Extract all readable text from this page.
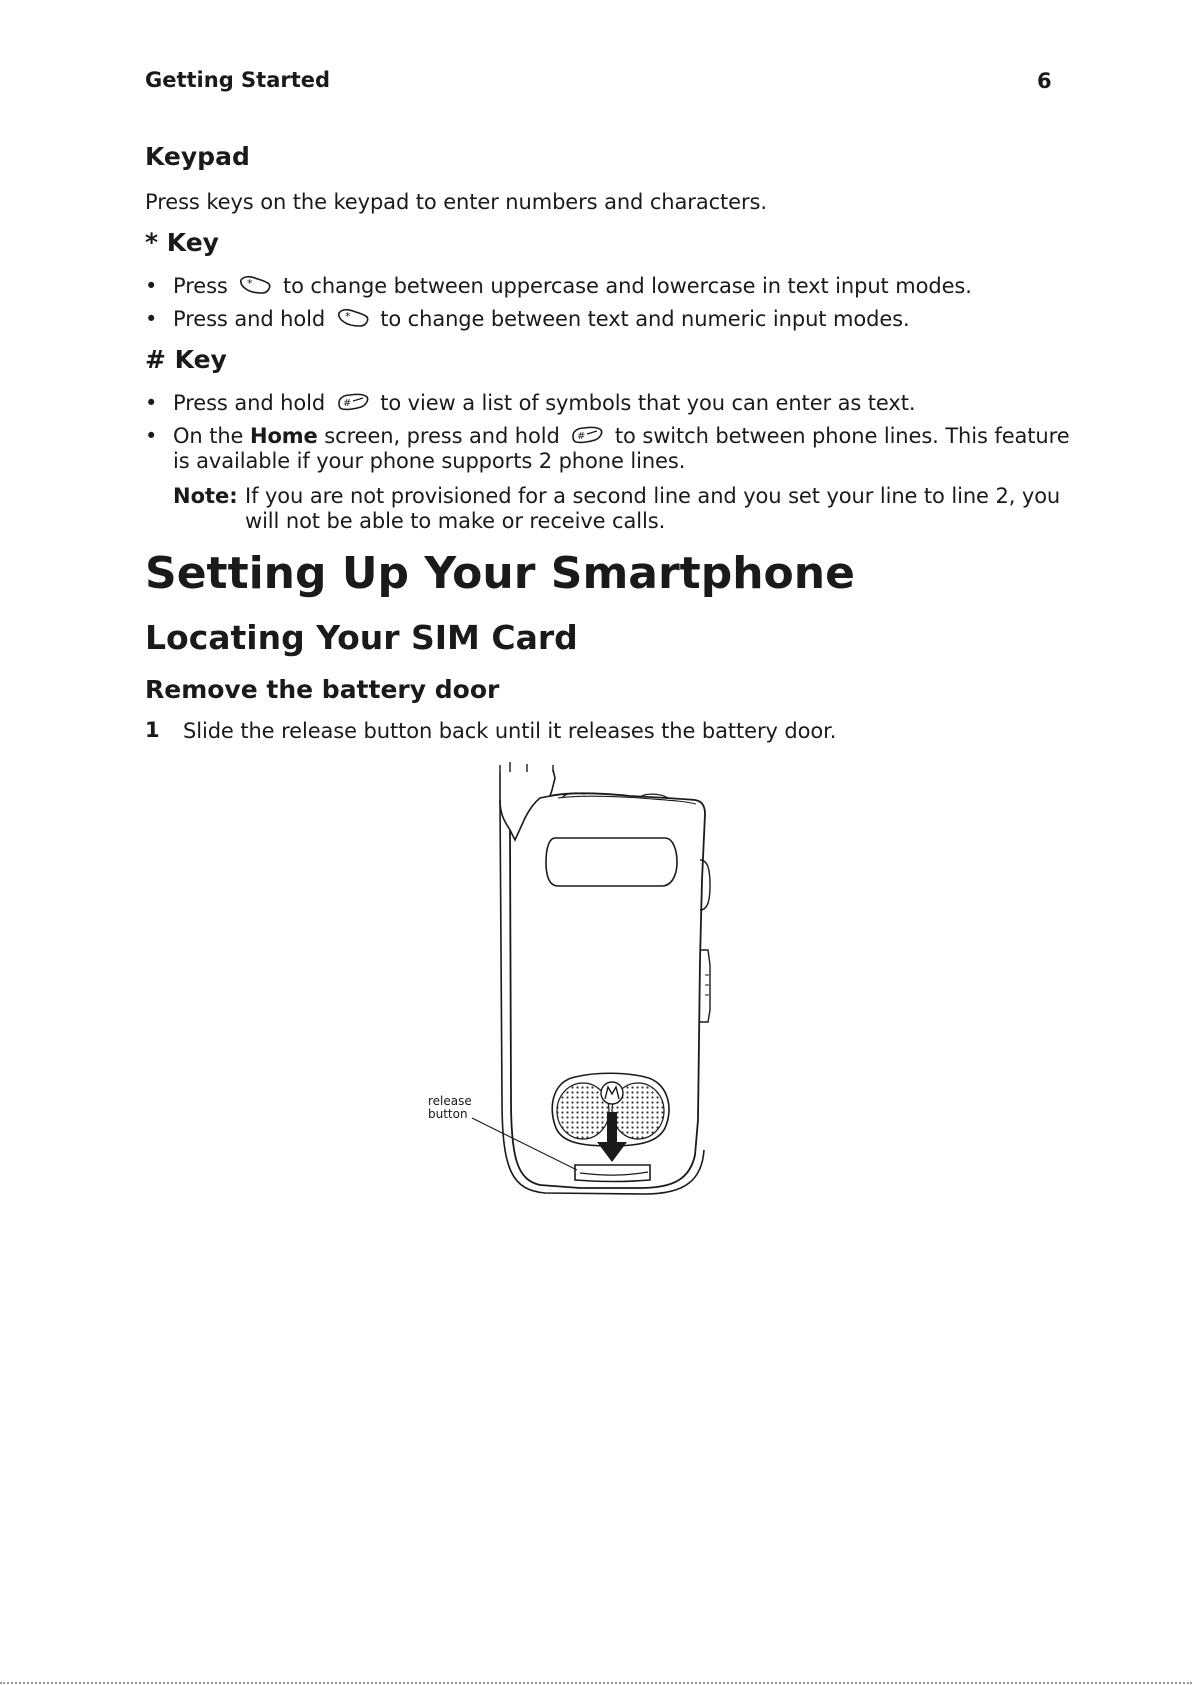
Getting Started	6
Keypad
Press keys on the keypad to enter numbers and characters.
* Key
• Press * to change between uppercase and lowercase in text input modes.
• Press and hold * to change between text and numeric input modes.
# Key
• Press and hold # to view a list of symbols that you can enter as text.
• On the Home screen, press and hold # to switch between phone lines. This feature
is available if your phone supports 2 phone lines.
Note: If you are not provisioned for a second line and you set your line to line 2, you
will not be able to make or receive calls.
Setting Up Your Smartphone
Locating Your SIM Card
Remove the battery door
1 Slide the release button back until it releases the battery door.
release
button
